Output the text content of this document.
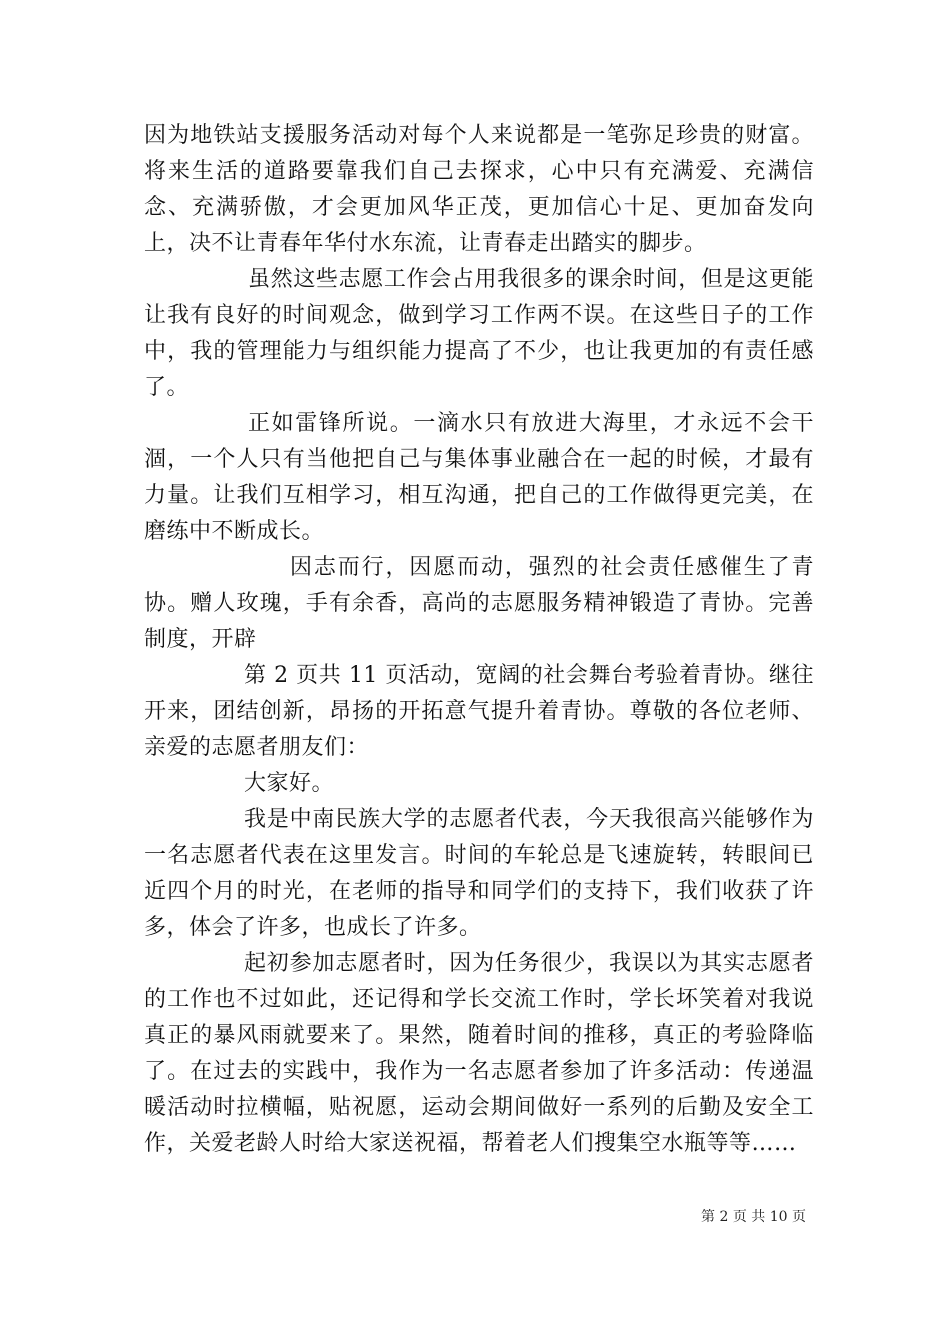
因为地铁站支援服务活动对每个人来说都是一笔弥足珍贵的财富。将来生活的道路要靠我们自己去探求，心中只有充满爱、充满信念、充满骄傲，才会更加风华正茂，更加信心十足、更加奋发向上，决不让青春年华付水东流，让青春走出踏实的脚步。

虽然这些志愿工作会占用我很多的课余时间，但是这更能让我有良好的时间观念，做到学习工作两不误。在这些日子的工作中，我的管理能力与组织能力提高了不少，也让我更加的有责任感了。

正如雷锋所说。一滴水只有放进大海里，才永远不会干涸，一个人只有当他把自己与集体事业融合在一起的时候，才最有力量。让我们互相学习，相互沟通，把自己的工作做得更完美，在磨练中不断成长。

因志而行，因愿而动，强烈的社会责任感催生了青协。赠人玫瑰，手有余香，高尚的志愿服务精神锻造了青协。完善制度，开辟

第 2 页共 11 页活动，宽阔的社会舞台考验着青协。继往开来，团结创新，昂扬的开拓意气提升着青协。尊敬的各位老师、亲爱的志愿者朋友们：

大家好。

我是中南民族大学的志愿者代表，今天我很高兴能够作为一名志愿者代表在这里发言。时间的车轮总是飞速旋转，转眼间已近四个月的时光，在老师的指导和同学们的支持下，我们收获了许多，体会了许多，也成长了许多。

起初参加志愿者时，因为任务很少，我误以为其实志愿者的工作也不过如此，还记得和学长交流工作时，学长坏笑着对我说真正的暴风雨就要来了。果然，随着时间的推移，真正的考验降临了。在过去的实践中，我作为一名志愿者参加了许多活动：传递温暖活动时拉横幅，贴祝愿，运动会期间做好一系列的后勤及安全工作，关爱老龄人时给大家送祝福，帮着老人们搜集空水瓶等等……

第 2 页 共 10 页
